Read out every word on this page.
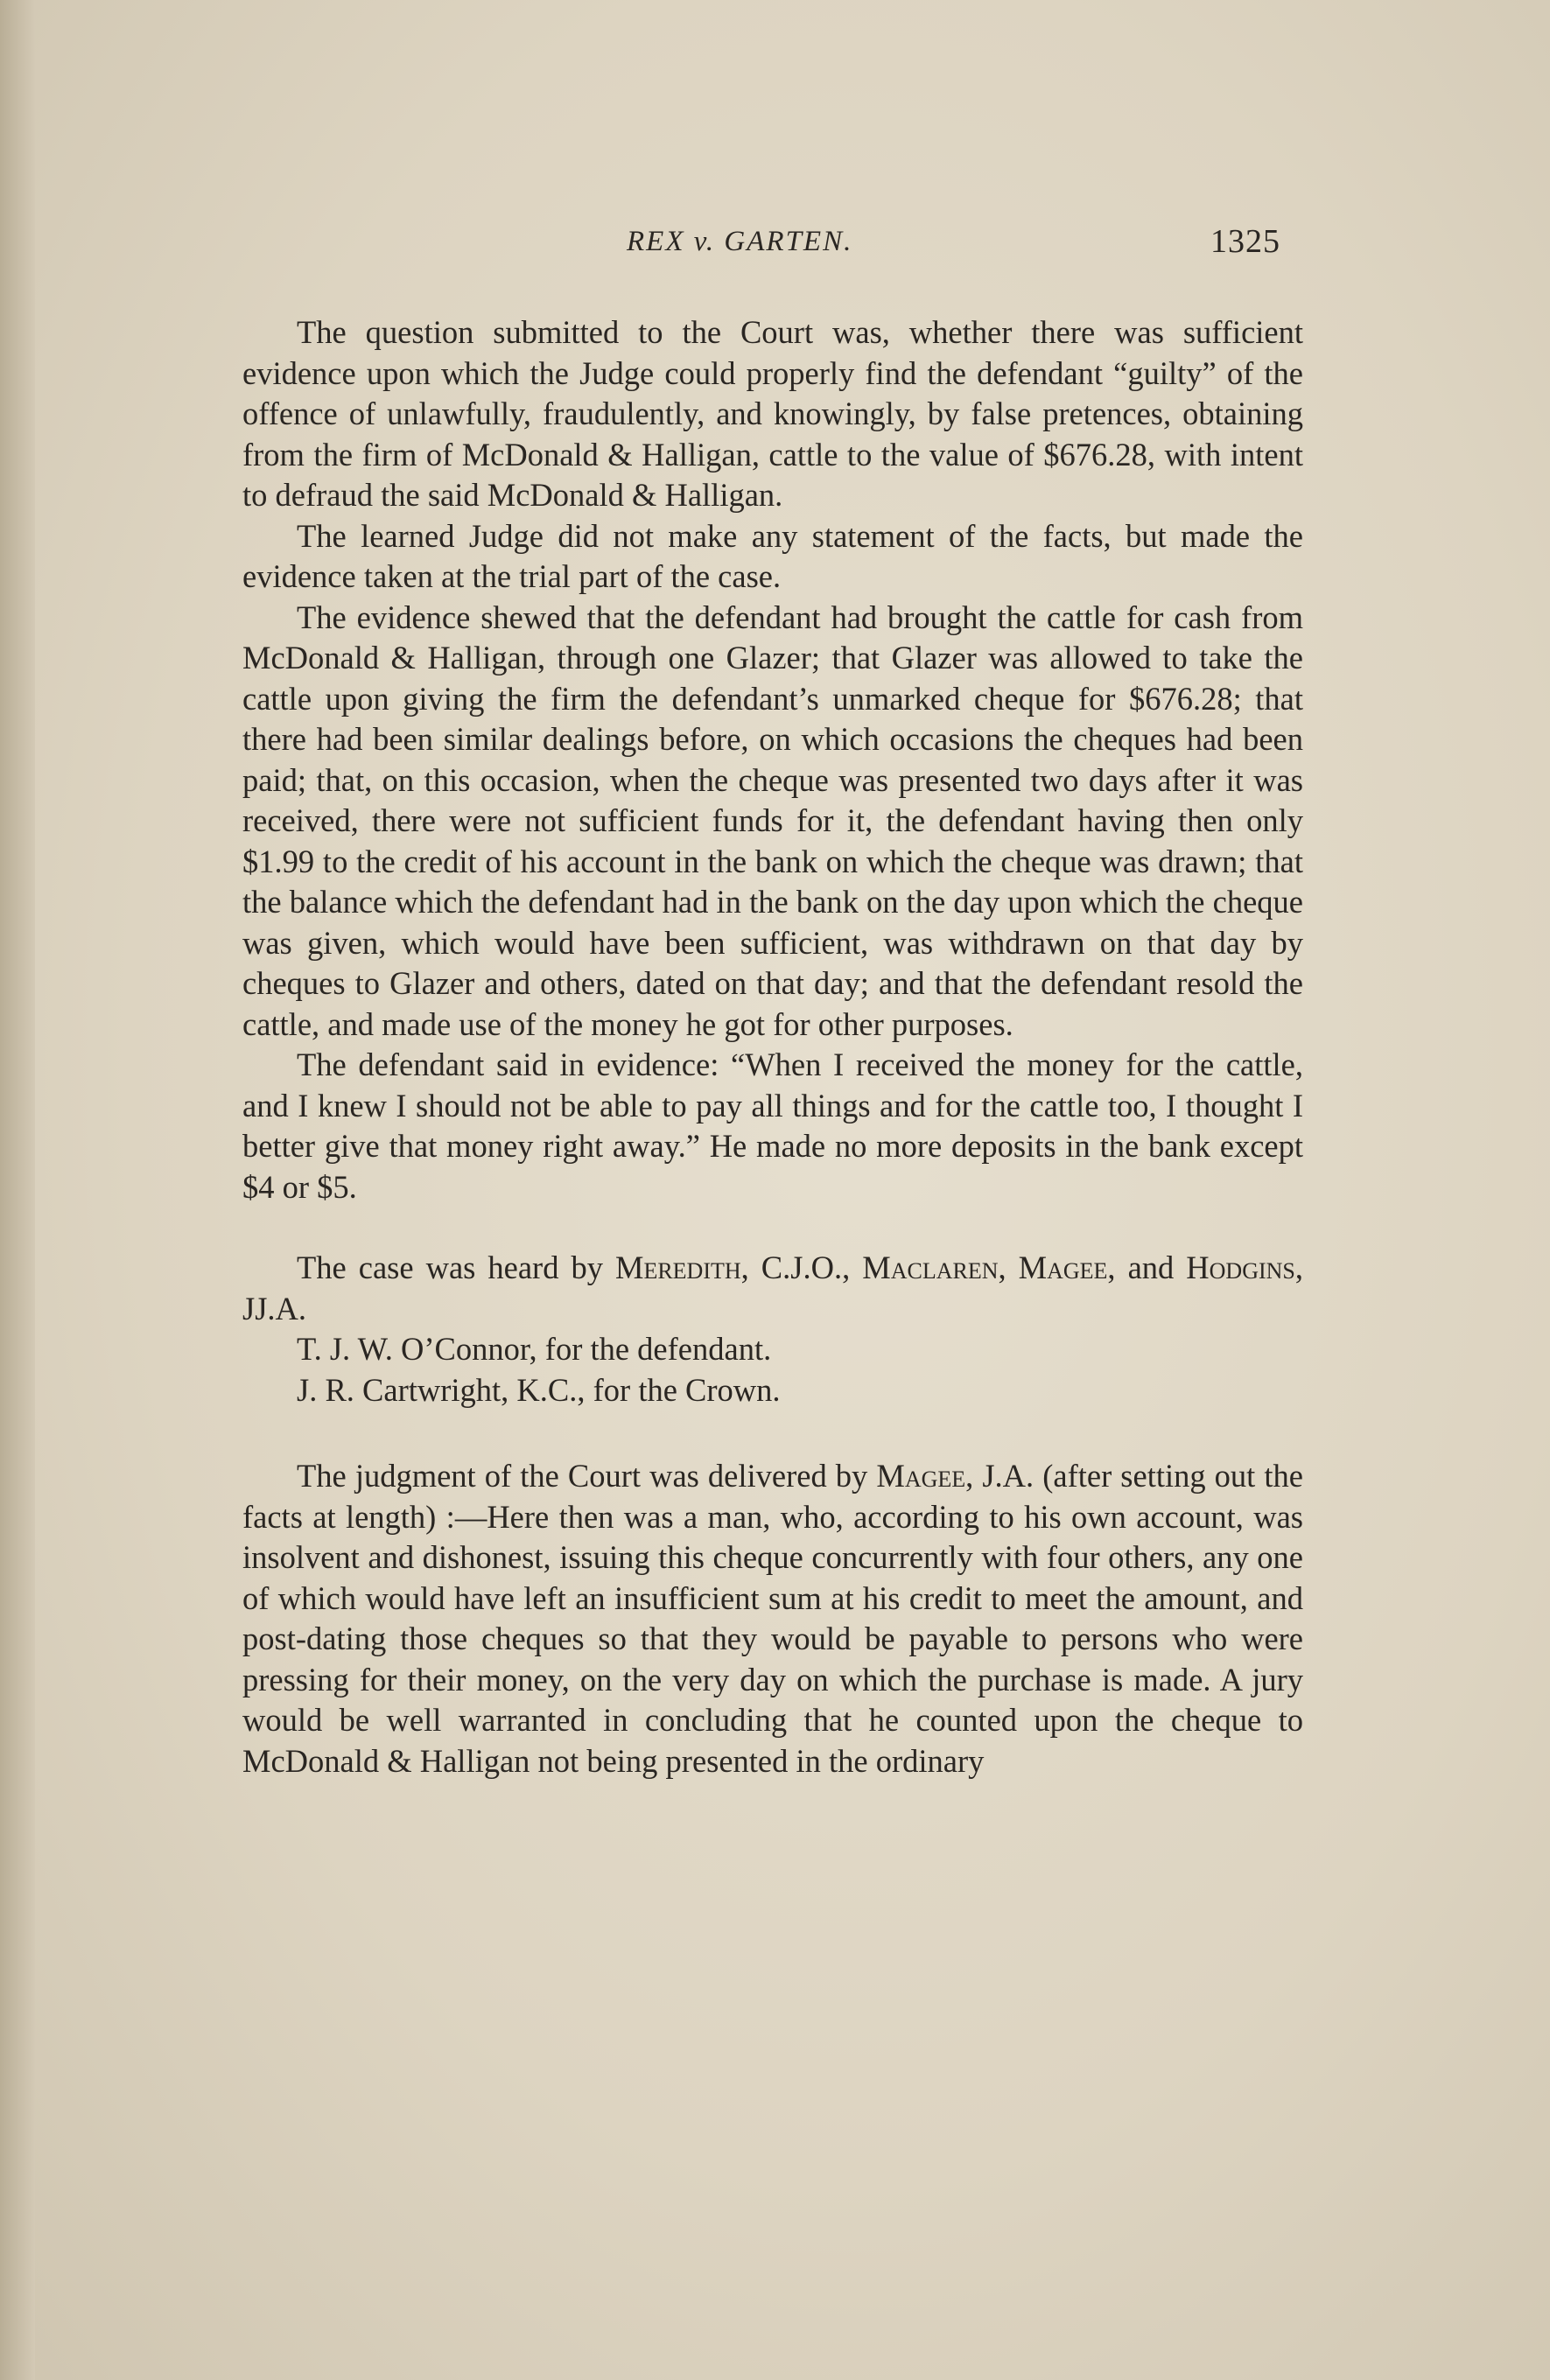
REX v. GARTEN.	1325

The question submitted to the Court was, whether there was sufficient evidence upon which the Judge could properly find the defendant “guilty” of the offence of unlawfully, fraudulently, and knowingly, by false pretences, obtaining from the firm of McDonald & Halligan, cattle to the value of $676.28, with intent to defraud the said McDonald & Halligan.

The learned Judge did not make any statement of the facts, but made the evidence taken at the trial part of the case.

The evidence shewed that the defendant had brought the cattle for cash from McDonald & Halligan, through one Glazer; that Glazer was allowed to take the cattle upon giving the firm the defendant’s unmarked cheque for $676.28; that there had been similar dealings before, on which occasions the cheques had been paid; that, on this occasion, when the cheque was presented two days after it was received, there were not sufficient funds for it, the defendant having then only $1.99 to the credit of his account in the bank on which the cheque was drawn; that the balance which the defendant had in the bank on the day upon which the cheque was given, which would have been sufficient, was withdrawn on that day by cheques to Glazer and others, dated on that day; and that the defendant resold the cattle, and made use of the money he got for other purposes.

The defendant said in evidence: “When I received the money for the cattle, and I knew I should not be able to pay all things and for the cattle too, I thought I better give that money right away.” He made no more deposits in the bank except $4 or $5.

The case was heard by Meredith, C.J.O., Maclaren, Magee, and Hodgins, JJ.A.

T. J. W. O’Connor, for the defendant.

J. R. Cartwright, K.C., for the Crown.

The judgment of the Court was delivered by Magee, J.A. (after setting out the facts at length) :—Here then was a man, who, according to his own account, was insolvent and dishonest, issuing this cheque concurrently with four others, any one of which would have left an insufficient sum at his credit to meet the amount, and post-dating those cheques so that they would be payable to persons who were pressing for their money, on the very day on which the purchase is made. A jury would be well warranted in concluding that he counted upon the cheque to McDonald & Halligan not being presented in the ordinary
